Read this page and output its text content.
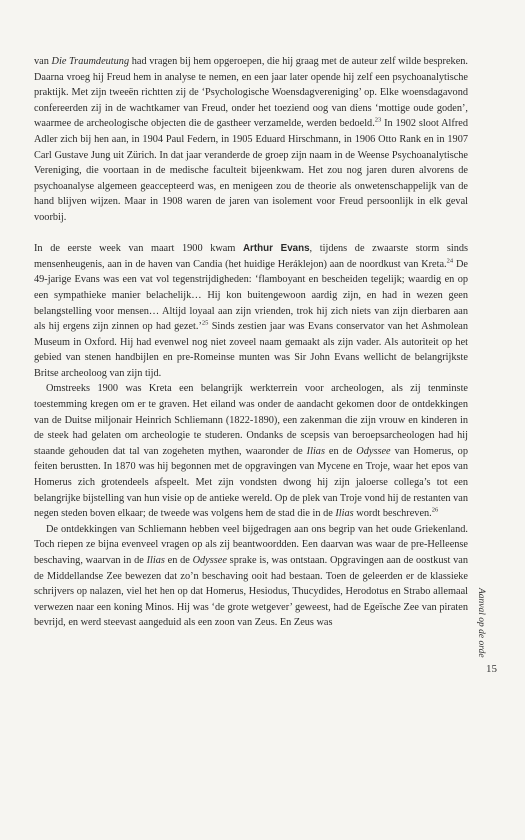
van Die Traumdeutung had vragen bij hem opgeroepen, die hij graag met de auteur zelf wilde bespreken. Daarna vroeg hij Freud hem in analyse te nemen, en een jaar later opende hij zelf een psychoanalytische praktijk. Met zijn tweeën richtten zij de ‘Psychologische Woensdagvereniging’ op. Elke woensdagavond confereerden zij in de wachtkamer van Freud, onder het toeziend oog van diens ‘mottige oude goden’, waarmee de archeologische objecten die de gastheer verzamelde, werden bedoeld.$^{23}$ In 1902 sloot Alfred Adler zich bij hen aan, in 1904 Paul Federn, in 1905 Eduard Hirschmann, in 1906 Otto Rank en in 1907 Carl Gustave Jung uit Zürich. In dat jaar veranderde de groep zijn naam in de Weense Psychoanalytische Vereniging, die voortaan in de medische faculteit bijeenkwam. Het zou nog jaren duren alvorens de psychoanalyse algemeen geaccepteerd was, en menigeen zou de theorie als onwetenschappelijk van de hand blijven wijzen. Maar in 1908 waren de jaren van isolement voor Freud persoonlijk in elk geval voorbij.

In de eerste week van maart 1900 kwam Arthur Evans, tijdens de zwaarste storm sinds mensenheugenis, aan in de haven van Candia (het huidige Heráklejon) aan de noordkust van Kreta.$^{24}$ De 49-jarige Evans was een vat vol tegenstrijdigheden: ‘flamboyant en bescheiden tegelijk; waardig en op een sympathieke manier belachelijk… Hij kon buitengewoon aardig zijn, en had in wezen geen belangstelling voor mensen… Altijd loyaal aan zijn vrienden, trok hij zich niets van zijn dierbaren aan als hij ergens zijn zinnen op had gezet.’$^{25}$ Sinds zestien jaar was Evans conservator van het Ashmolean Museum in Oxford. Hij had evenwel nog niet zoveel naam gemaakt als zijn vader. Als autoriteit op het gebied van stenen handbijlen en pre-Romeinse munten was Sir John Evans wellicht de belangrijkste Britse archeoloog van zijn tijd.

Omstreeks 1900 was Kreta een belangrijk werkterrein voor archeologen, als zij tenminste toestemming kregen om er te graven. Het eiland was onder de aandacht gekomen door de ontdekkingen van de Duitse miljonair Heinrich Schliemann (1822-1890), een zakenman die zijn vrouw en kinderen in de steek had gelaten om archeologie te studeren. Ondanks de scepsis van beroepsarcheologen had hij staande gehouden dat tal van zogeheten mythen, waaronder de Ilias en de Odyssee van Homerus, op feiten berustten. In 1870 was hij begonnen met de opgravingen van Mycene en Troje, waar het epos van Homerus zich grotendeels afspeelt. Met zijn vondsten dwong hij zijn jaloerse collega’s tot een belangrijke bijstelling van hun visie op de antieke wereld. Op de plek van Troje vond hij de restanten van negen steden boven elkaar; de tweede was volgens hem de stad die in de Ilias wordt beschreven.$^{26}$

De ontdekkingen van Schliemann hebben veel bijgedragen aan ons begrip van het oude Griekenland. Toch riepen ze bijna evenveel vragen op als zij beantwoordden. Een daarvan was waar de pre-Helleense beschaving, waarvan in de Ilias en de Odyssee sprake is, was ontstaan. Opgravingen aan de oostkust van de Middellandse Zee bewezen dat zo’n beschaving ooit had bestaan. Toen de geleerden er de klassieke schrijvers op nalazen, viel het hen op dat Homerus, Hesiodus, Thucydides, Herodotus en Strabo allemaal verwezen naar een koning Minos. Hij was ‘de grote wetgever’ geweest, had de Egeïsche Zee van piraten bevrijd, en werd steevast aangeduid als een zoon van Zeus. En Zeus was	Aanval op de orde
15
